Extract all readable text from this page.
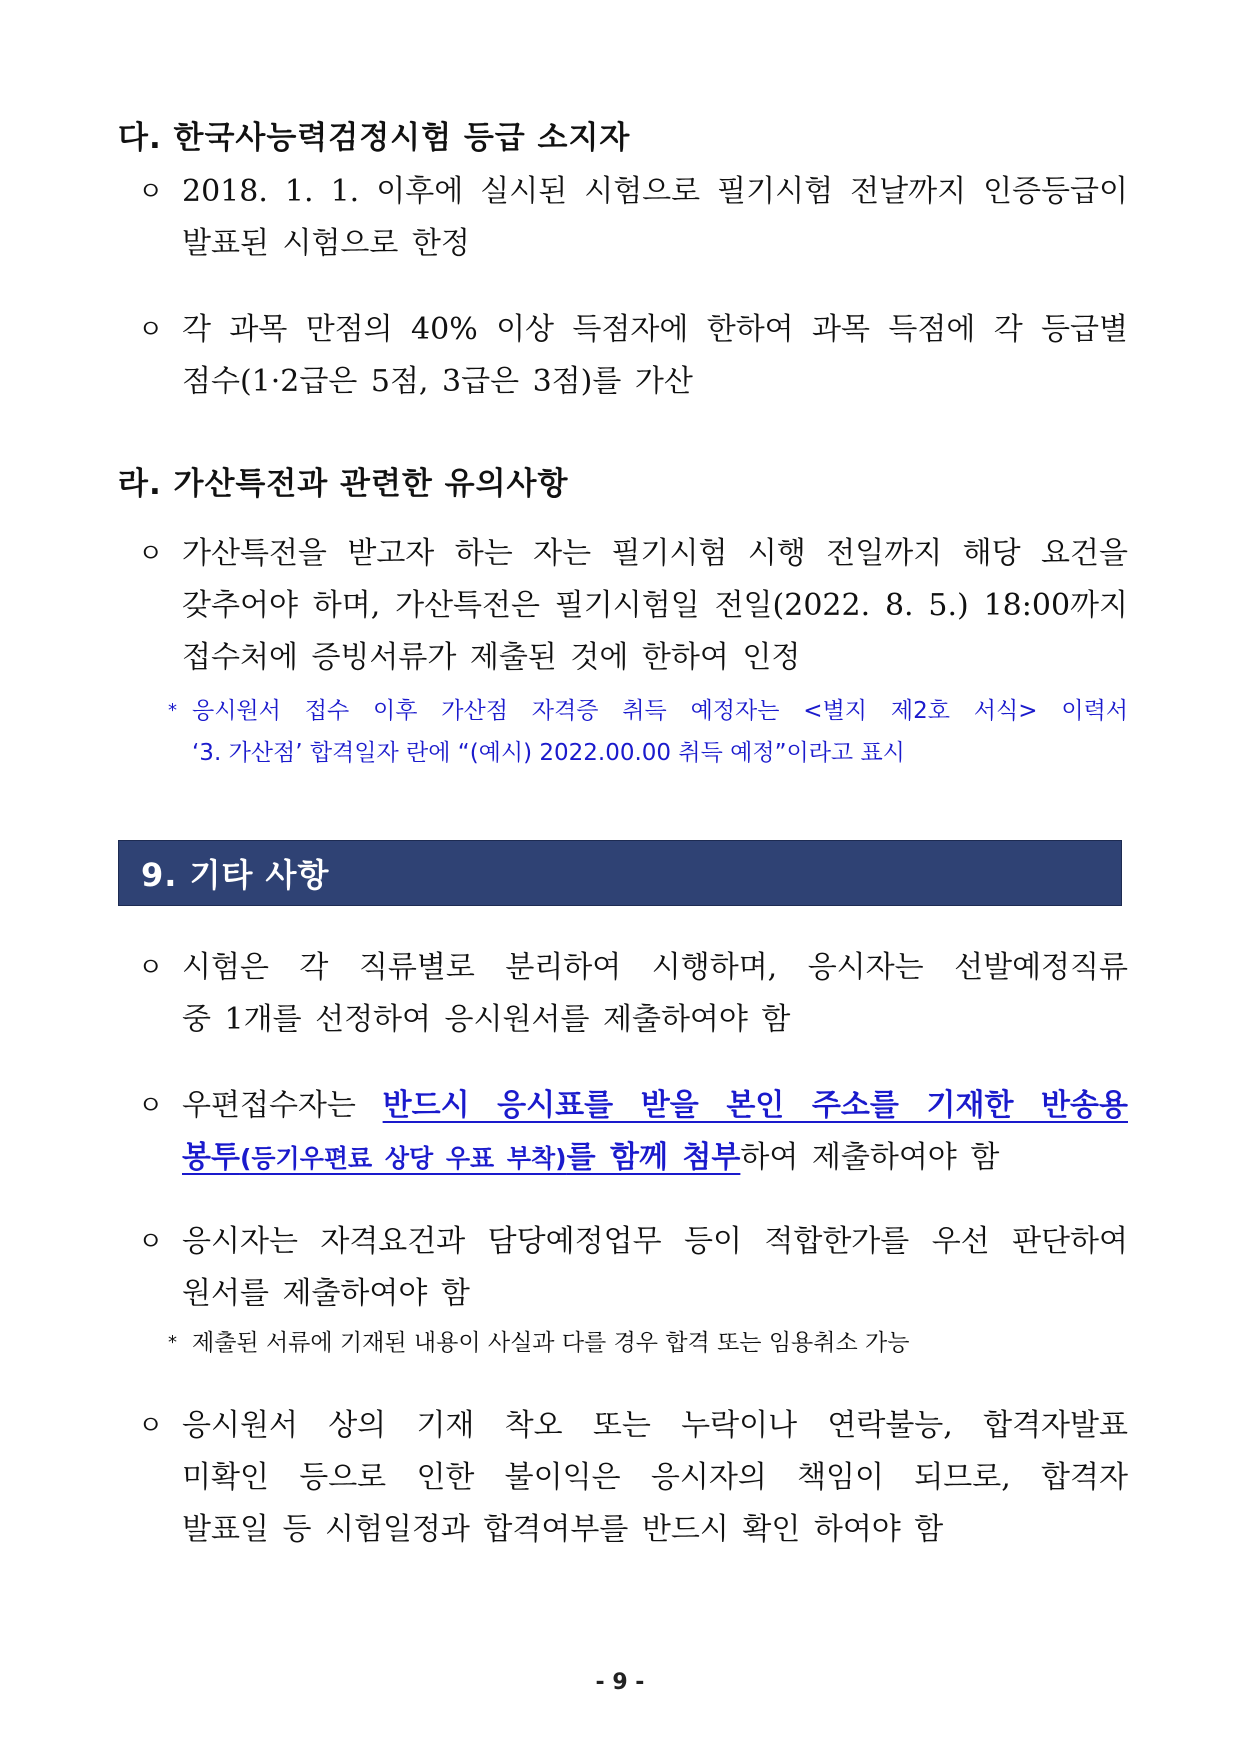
다. 한국사능력검정시험 등급 소지자
ㅇ 2018. 1. 1. 이후에 실시된 시험으로 필기시험 전날까지 인증등급이
발표된 시험으로 한정
ㅇ 각 과목 만점의 40% 이상 득점자에 한하여 과목 득점에 각 등급별
점수(1·2급은 5점, 3급은 3점)를 가산
라. 가산특전과 관련한 유의사항
ㅇ 가산특전을 받고자 하는 자는 필기시험 시행 전일까지 해당 요건을
갖추어야 하며, 가산특전은 필기시험일 전일(2022. 8. 5.) 18:00까지
접수처에 증빙서류가 제출된 것에 한하여 인정
* 응시원서 접수 이후 가산점 자격증 취득 예정자는 <별지 제2호 서식> 이력서
‘3. 가산점’ 합격일자 란에 “(예시) 2022.00.00 취득 예정”이라고 표시
9. 기타 사항
ㅇ 시험은 각 직류별로 분리하여 시행하며, 응시자는 선발예정직류
중 1개를 선정하여 응시원서를 제출하여야 함
ㅇ 우편접수자는 반드시 응시표를 받을 본인 주소를 기재한 반송용
봉투(등기우편료 상당 우표 부착)를 함께 첨부하여 제출하여야 함
ㅇ 응시자는 자격요건과 담당예정업무 등이 적합한가를 우선 판단하여
원서를 제출하여야 함
* 제출된 서류에 기재된 내용이 사실과 다를 경우 합격 또는 임용취소 가능
ㅇ 응시원서 상의 기재 착오 또는 누락이나 연락불능, 합격자발표
미확인 등으로 인한 불이익은 응시자의 책임이 되므로, 합격자
발표일 등 시험일정과 합격여부를 반드시 확인 하여야 함
- 9 -
